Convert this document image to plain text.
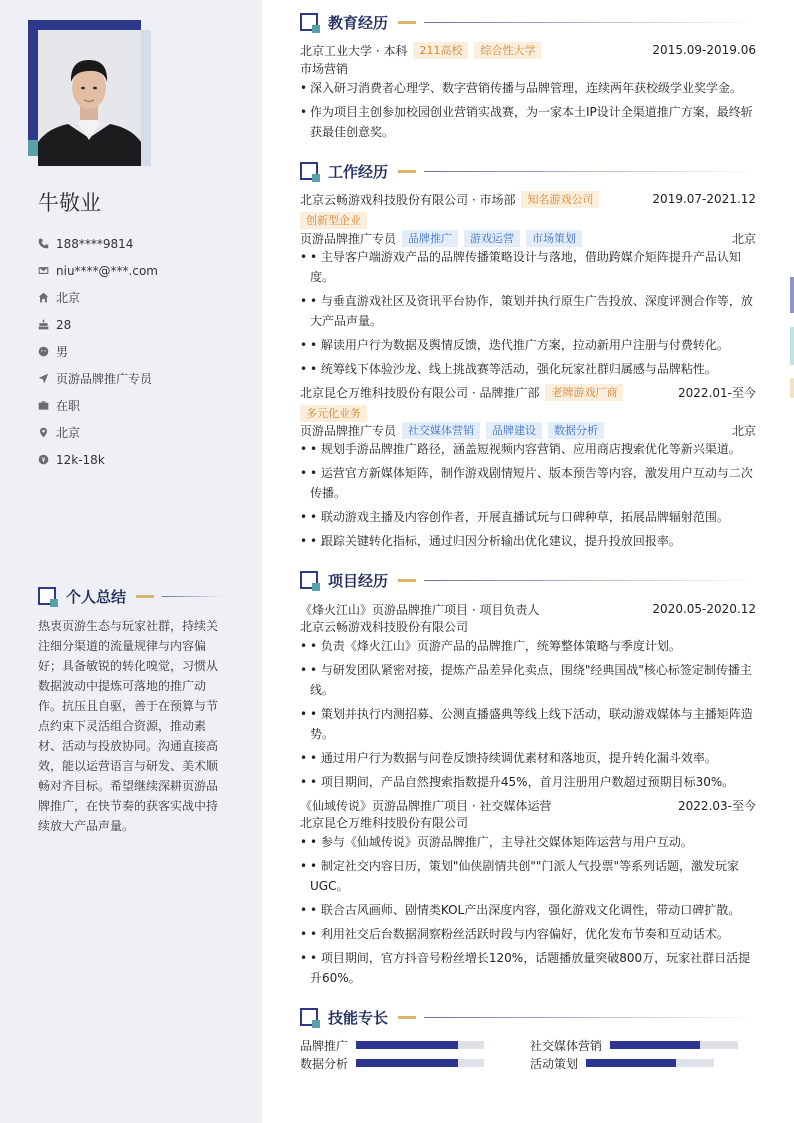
牛敬业
188****9814
niu****@***.com
北京
28
男
页游品牌推广专员
在职
北京
12k-18k
个人总结
热衷页游生态与玩家社群，持续关注细分渠道的流量规律与内容偏好；具备敏锐的转化嗅觉，习惯从数据波动中提炼可落地的推广动作。抗压且自驱，善于在预算与节点约束下灵活组合资源，推动素材、活动与投放协同。沟通直接高效，能以运营语言与研发、美术顺畅对齐目标。希望继续深耕页游品牌推广，在快节奏的获客实战中持续放大产品声量。
教育经历
北京工业大学 · 本科	211高校	综合性大学	2015.09-2019.06
市场营销
• 深入研习消费者心理学、数字营销传播与品牌管理，连续两年获校级学业奖学金。
• 作为项目主创参加校园创业营销实战赛，为一家本土IP设计全渠道推广方案，最终斩获最佳创意奖。
工作经历
北京云畅游戏科技股份有限公司 · 市场部	知名游戏公司	2019.07-2021.12
创新型企业
页游品牌推广专员	品牌推广	游戏运营	市场策划	北京
• • 主导客户端游戏产品的品牌传播策略设计与落地，借助跨媒介矩阵提升产品认知度。
• • 与垂直游戏社区及资讯平台协作，策划并执行原生广告投放、深度评测合作等，放大产品声量。
• • 解读用户行为数据及舆情反馈，迭代推广方案，拉动新用户注册与付费转化。
• • 统筹线下体验沙龙、线上挑战赛等活动，强化玩家社群归属感与品牌粘性。
北京昆仑万维科技股份有限公司 · 品牌推广部	老牌游戏厂商	2022.01-至今
多元化业务
页游品牌推广专员	社交媒体营销	品牌建设	数据分析	北京
• • 规划手游品牌推广路径，涵盖短视频内容营销、应用商店搜索优化等新兴渠道。
• • 运营官方新媒体矩阵，制作游戏剧情短片、版本预告等内容，激发用户互动与二次传播。
• • 联动游戏主播及内容创作者，开展直播试玩与口碑种草，拓展品牌辐射范围。
• • 跟踪关键转化指标，通过归因分析输出优化建议，提升投放回报率。
项目经历
《烽火江山》页游品牌推广项目 · 项目负责人	2020.05-2020.12
北京云畅游戏科技股份有限公司
• • 负责《烽火江山》页游产品的品牌推广，统筹整体策略与季度计划。
• • 与研发团队紧密对接，提炼产品差异化卖点，围绕"经典国战"核心标签定制传播主线。
• • 策划并执行内测招募、公测直播盛典等线上线下活动，联动游戏媒体与主播矩阵造势。
• • 通过用户行为数据与问卷反馈持续调优素材和落地页，提升转化漏斗效率。
• • 项目期间，产品自然搜索指数提升45%，首月注册用户数超过预期目标30%。
《仙域传说》页游品牌推广项目 · 社交媒体运营	2022.03-至今
北京昆仑万维科技股份有限公司
• • 参与《仙域传说》页游品牌推广，主导社交媒体矩阵运营与用户互动。
• • 制定社交内容日历，策划"仙侠剧情共创""门派人气投票"等系列话题，激发玩家UGC。
• • 联合古风画师、剧情类KOL产出深度内容，强化游戏文化调性，带动口碑扩散。
• • 利用社交后台数据洞察粉丝活跃时段与内容偏好，优化发布节奏和互动话术。
• • 项目期间，官方抖音号粉丝增长120%，话题播放量突破800万，玩家社群日活提升60%。
技能专长
品牌推广	社交媒体营销
数据分析	活动策划
